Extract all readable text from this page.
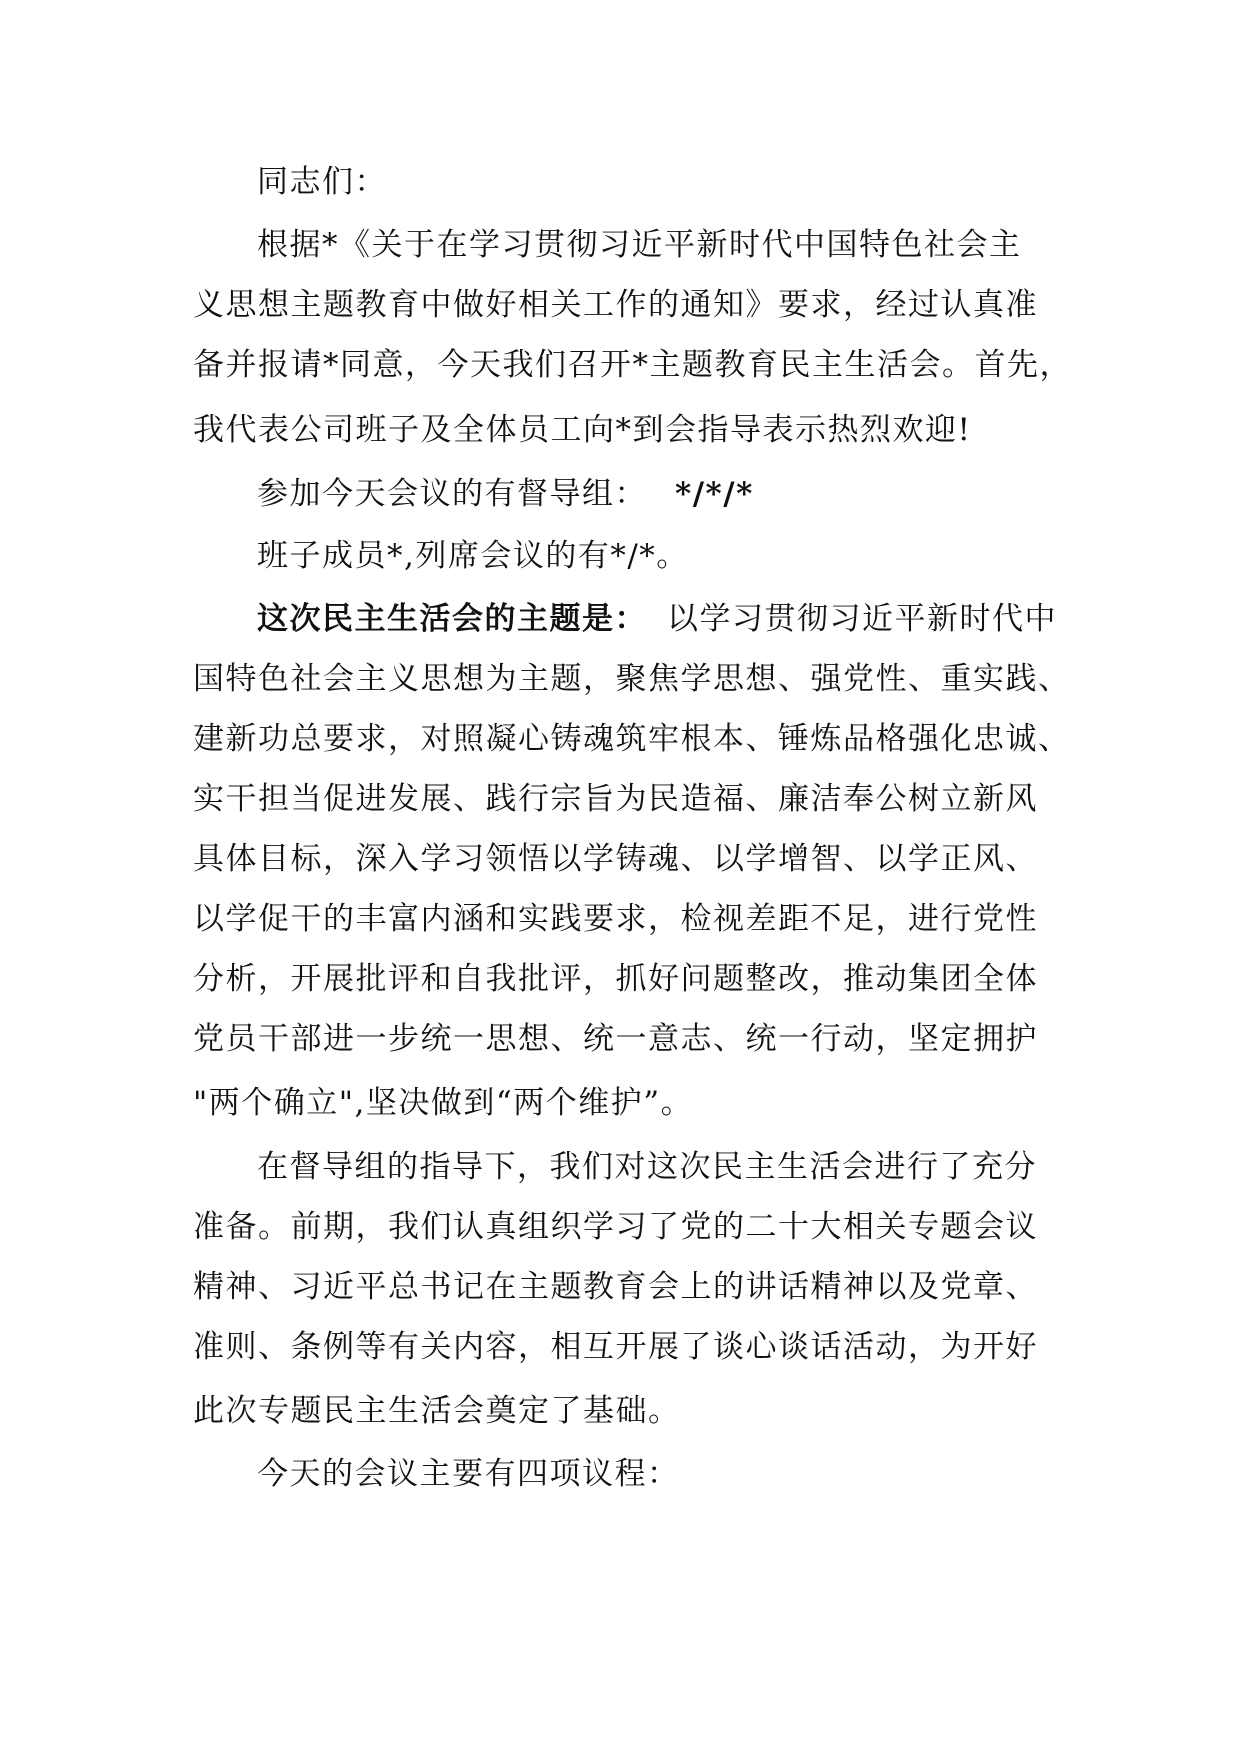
同志们：
根据*《关于在学习贯彻习近平新时代中国特色社会主
义思想主题教育中做好相关工作的通知》要求，经过认真准
备并报请*同意，今天我们召开*主题教育民主生活会。首先，
我代表公司班子及全体员工向*到会指导表示热烈欢迎!
参加今天会议的有督导组： */*/*
班子成员*,列席会议的有*/*。
这次民主生活会的主题是： 以学习贯彻习近平新时代中
国特色社会主义思想为主题，聚焦学思想、强党性、重实践、
建新功总要求，对照凝心铸魂筑牢根本、锤炼品格强化忠诚、
实干担当促进发展、践行宗旨为民造福、廉洁奉公树立新风
具体目标，深入学习领悟以学铸魂、以学增智、以学正风、
以学促干的丰富内涵和实践要求，检视差距不足，进行党性
分析，开展批评和自我批评，抓好问题整改，推动集团全体
党员干部进一步统一思想、统一意志、统一行动，坚定拥护
"两个确立",坚决做到“两个维护”。
在督导组的指导下，我们对这次民主生活会进行了充分
准备。前期，我们认真组织学习了党的二十大相关专题会议
精神、习近平总书记在主题教育会上的讲话精神以及党章、
准则、条例等有关内容，相互开展了谈心谈话活动，为开好
此次专题民主生活会奠定了基础。
今天的会议主要有四项议程：
